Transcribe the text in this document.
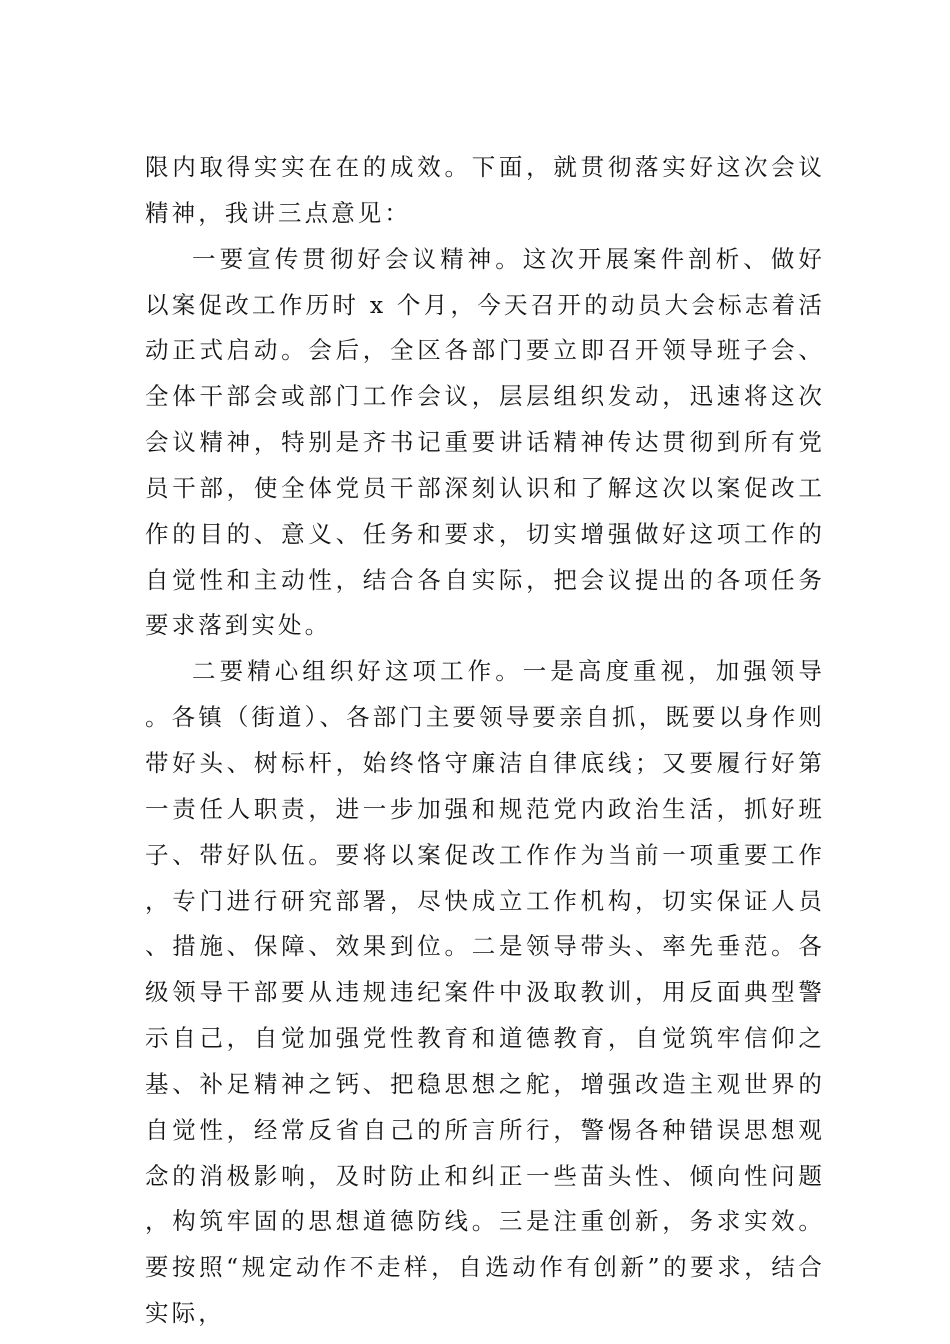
限内取得实实在在的成效。下面，就贯彻落实好这次会议精神，我讲三点意见：

一要宣传贯彻好会议精神。这次开展案件剖析、做好以案促改工作历时 x 个月，今天召开的动员大会标志着活动正式启动。会后，全区各部门要立即召开领导班子会、全体干部会或部门工作会议，层层组织发动，迅速将这次会议精神，特别是齐书记重要讲话精神传达贯彻到所有党员干部，使全体党员干部深刻认识和了解这次以案促改工作的目的、意义、任务和要求，切实增强做好这项工作的自觉性和主动性，结合各自实际，把会议提出的各项任务要求落到实处。

二要精心组织好这项工作。一是高度重视，加强领导。各镇（街道）、各部门主要领导要亲自抓，既要以身作则带好头、树标杆，始终恪守廉洁自律底线；又要履行好第一责任人职责，进一步加强和规范党内政治生活，抓好班子、带好队伍。要将以案促改工作作为当前一项重要工作，专门进行研究部署，尽快成立工作机构，切实保证人员、措施、保障、效果到位。二是领导带头、率先垂范。各级领导干部要从违规违纪案件中汲取教训，用反面典型警示自己，自觉加强党性教育和道德教育，自觉筑牢信仰之基、补足精神之钙、把稳思想之舵，增强改造主观世界的自觉性，经常反省自己的所言所行，警惕各种错误思想观念的消极影响，及时防止和纠正一些苗头性、倾向性问题，构筑牢固的思想道德防线。三是注重创新，务求实效。要按照“规定动作不走样，自选动作有创新”的要求，结合实际，
